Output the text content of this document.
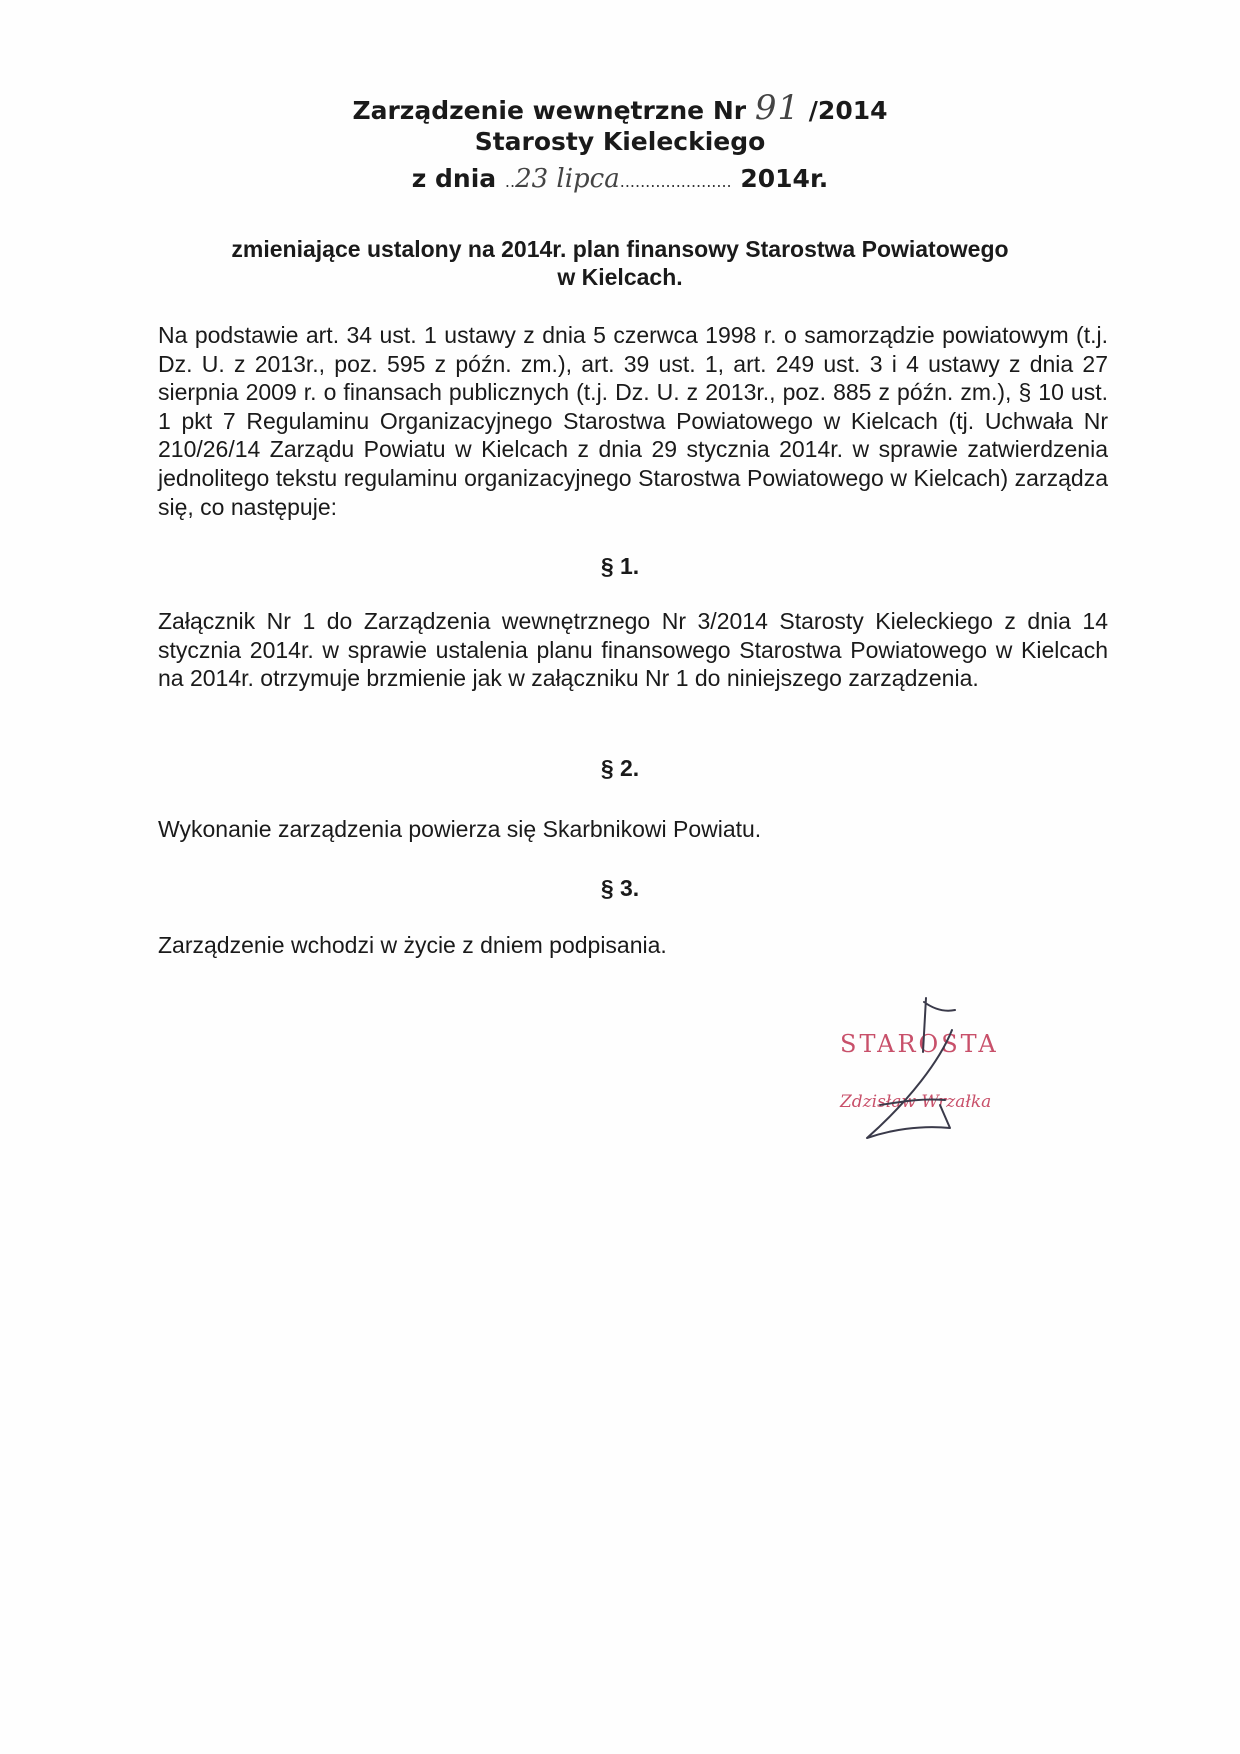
Zarządzenie wewnętrzne Nr 91 /2014
Starosty Kieleckiego
z dnia ..23 lipca...................... 2014r.
zmieniające ustalony na 2014r. plan finansowy Starostwa Powiatowego
w Kielcach.
Na podstawie art. 34 ust. 1 ustawy z dnia 5 czerwca 1998 r. o samorządzie powiatowym (t.j. Dz. U. z 2013r., poz. 595 z późn. zm.), art. 39 ust. 1, art. 249 ust. 3 i 4 ustawy z dnia 27 sierpnia 2009 r. o finansach publicznych (t.j. Dz. U. z 2013r., poz. 885 z późn. zm.), § 10 ust. 1 pkt 7 Regulaminu Organizacyjnego Starostwa Powiatowego w Kielcach (tj. Uchwała Nr 210/26/14 Zarządu Powiatu w Kielcach z dnia 29 stycznia 2014r. w sprawie zatwierdzenia jednolitego tekstu regulaminu organizacyjnego Starostwa Powiatowego w Kielcach) zarządza się, co następuje:
§ 1.
Załącznik Nr 1 do Zarządzenia wewnętrznego Nr 3/2014 Starosty Kieleckiego z dnia 14 stycznia 2014r. w sprawie ustalenia planu finansowego Starostwa Powiatowego w Kielcach na 2014r. otrzymuje brzmienie jak w załączniku Nr 1 do niniejszego zarządzenia.
§ 2.
Wykonanie zarządzenia powierza się Skarbnikowi Powiatu.
§ 3.
Zarządzenie wchodzi w życie z dniem podpisania.
STAROSTA
Zdzisław Wrzałka
